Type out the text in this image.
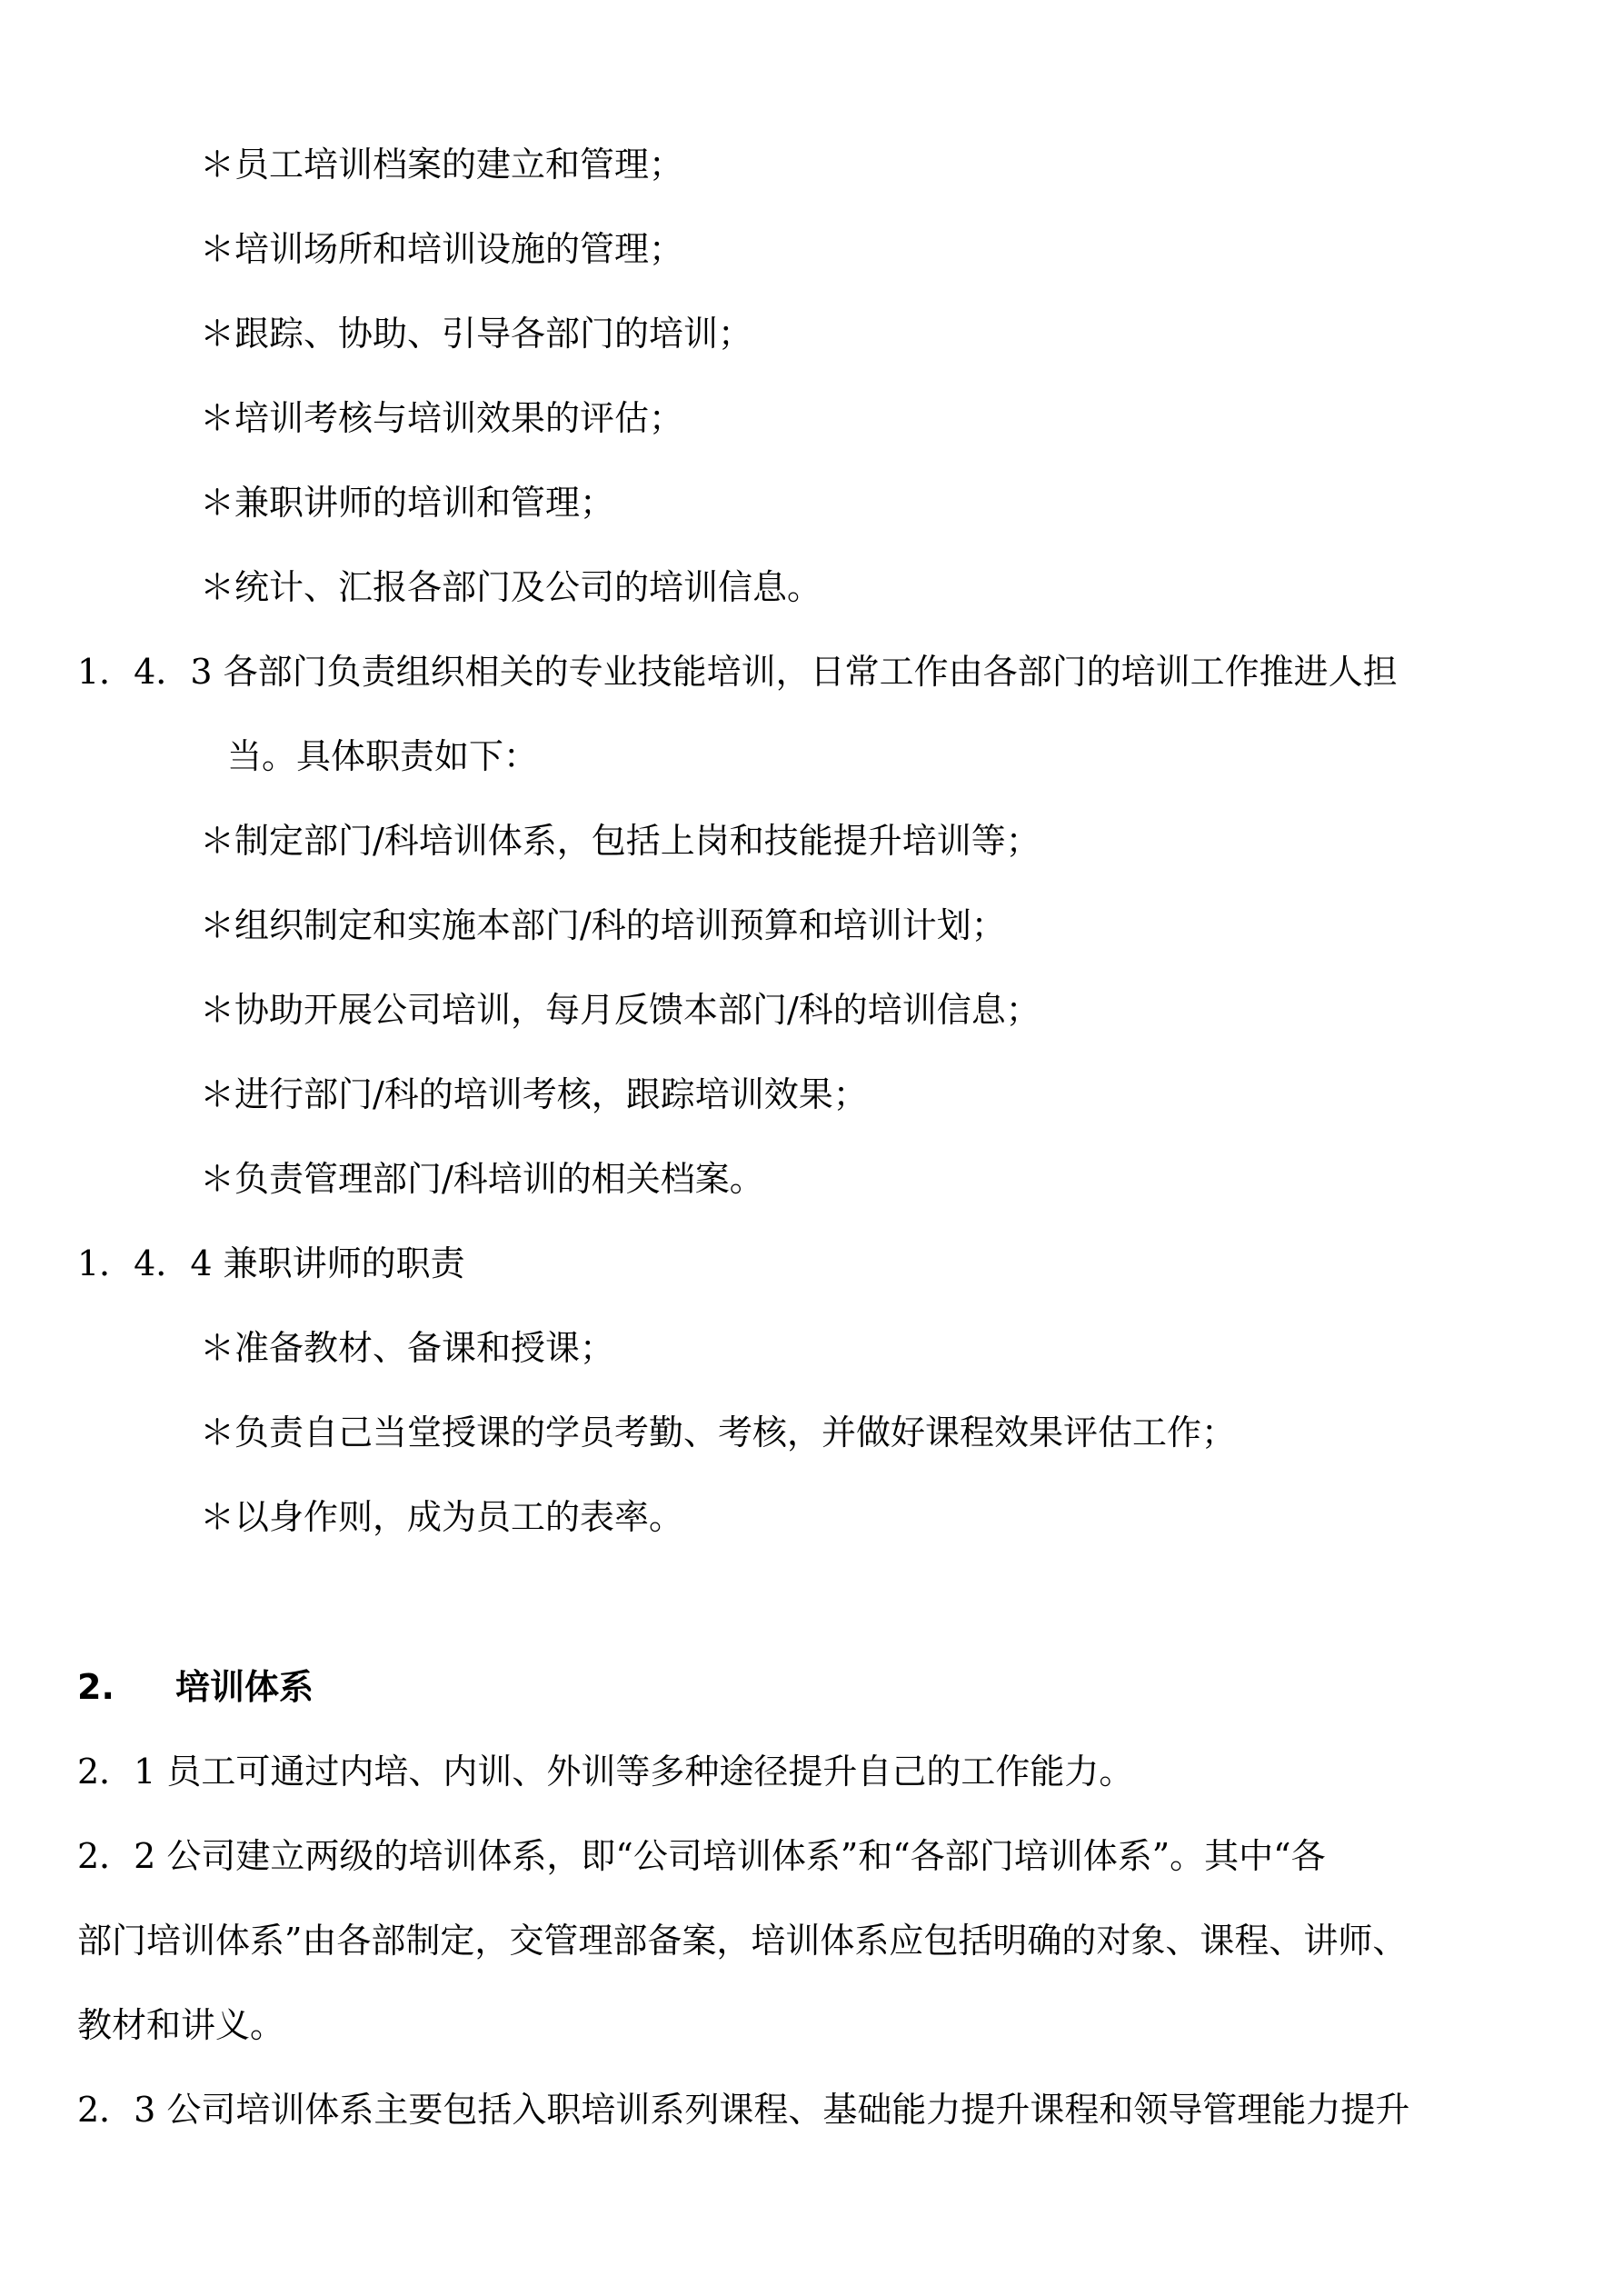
＊员工培训档案的建立和管理；
＊培训场所和培训设施的管理；
＊跟踪、协助、引导各部门的培训；
＊培训考核与培训效果的评估；
＊兼职讲师的培训和管理；
＊统计、汇报各部门及公司的培训信息。
1．4．3 各部门负责组织相关的专业技能培训，日常工作由各部门的培训工作推进人担
当。具体职责如下：
＊制定部门/科培训体系，包括上岗和技能提升培训等；
＊组织制定和实施本部门/科的培训预算和培训计划；
＊协助开展公司培训，每月反馈本部门/科的培训信息；
＊进行部门/科的培训考核，跟踪培训效果；
＊负责管理部门/科培训的相关档案。
1．4．4 兼职讲师的职责
＊准备教材、备课和授课；
＊负责自己当堂授课的学员考勤、考核，并做好课程效果评估工作；
＊以身作则，成为员工的表率。
2. 培训体系
2．1 员工可通过内培、内训、外训等多种途径提升自己的工作能力。
2．2 公司建立两级的培训体系，即“公司培训体系”和“各部门培训体系”。其中“各
部门培训体系”由各部制定，交管理部备案，培训体系应包括明确的对象、课程、讲师、
教材和讲义。
2．3 公司培训体系主要包括入职培训系列课程、基础能力提升课程和领导管理能力提升
